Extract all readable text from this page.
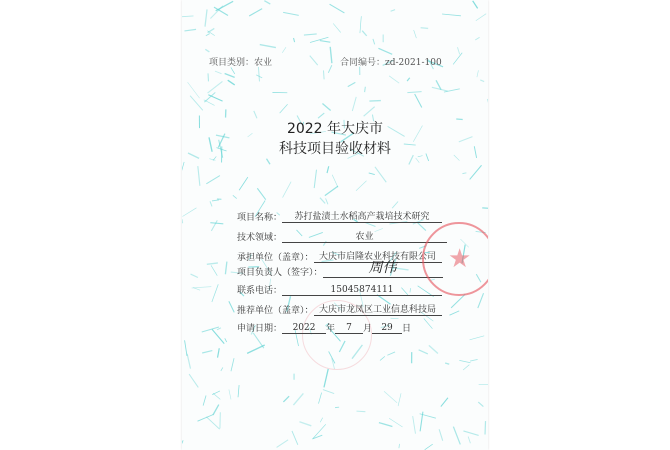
项目类别：农业	合同编号：zd-2021-100
2022 年大庆市
科技项目验收材料
项目名称：	苏打盐渍土水稻高产栽培技术研究
技术领域：	农业
承担单位（盖章）： 大庆市启隆农业科技有限公司
项目负责人（签字）：	周伟
联系电话：	15045874111
推荐单位（盖章）： 大庆市龙凤区工业信息科技局
申请日期：	2022	年	7	月	29	日
★
